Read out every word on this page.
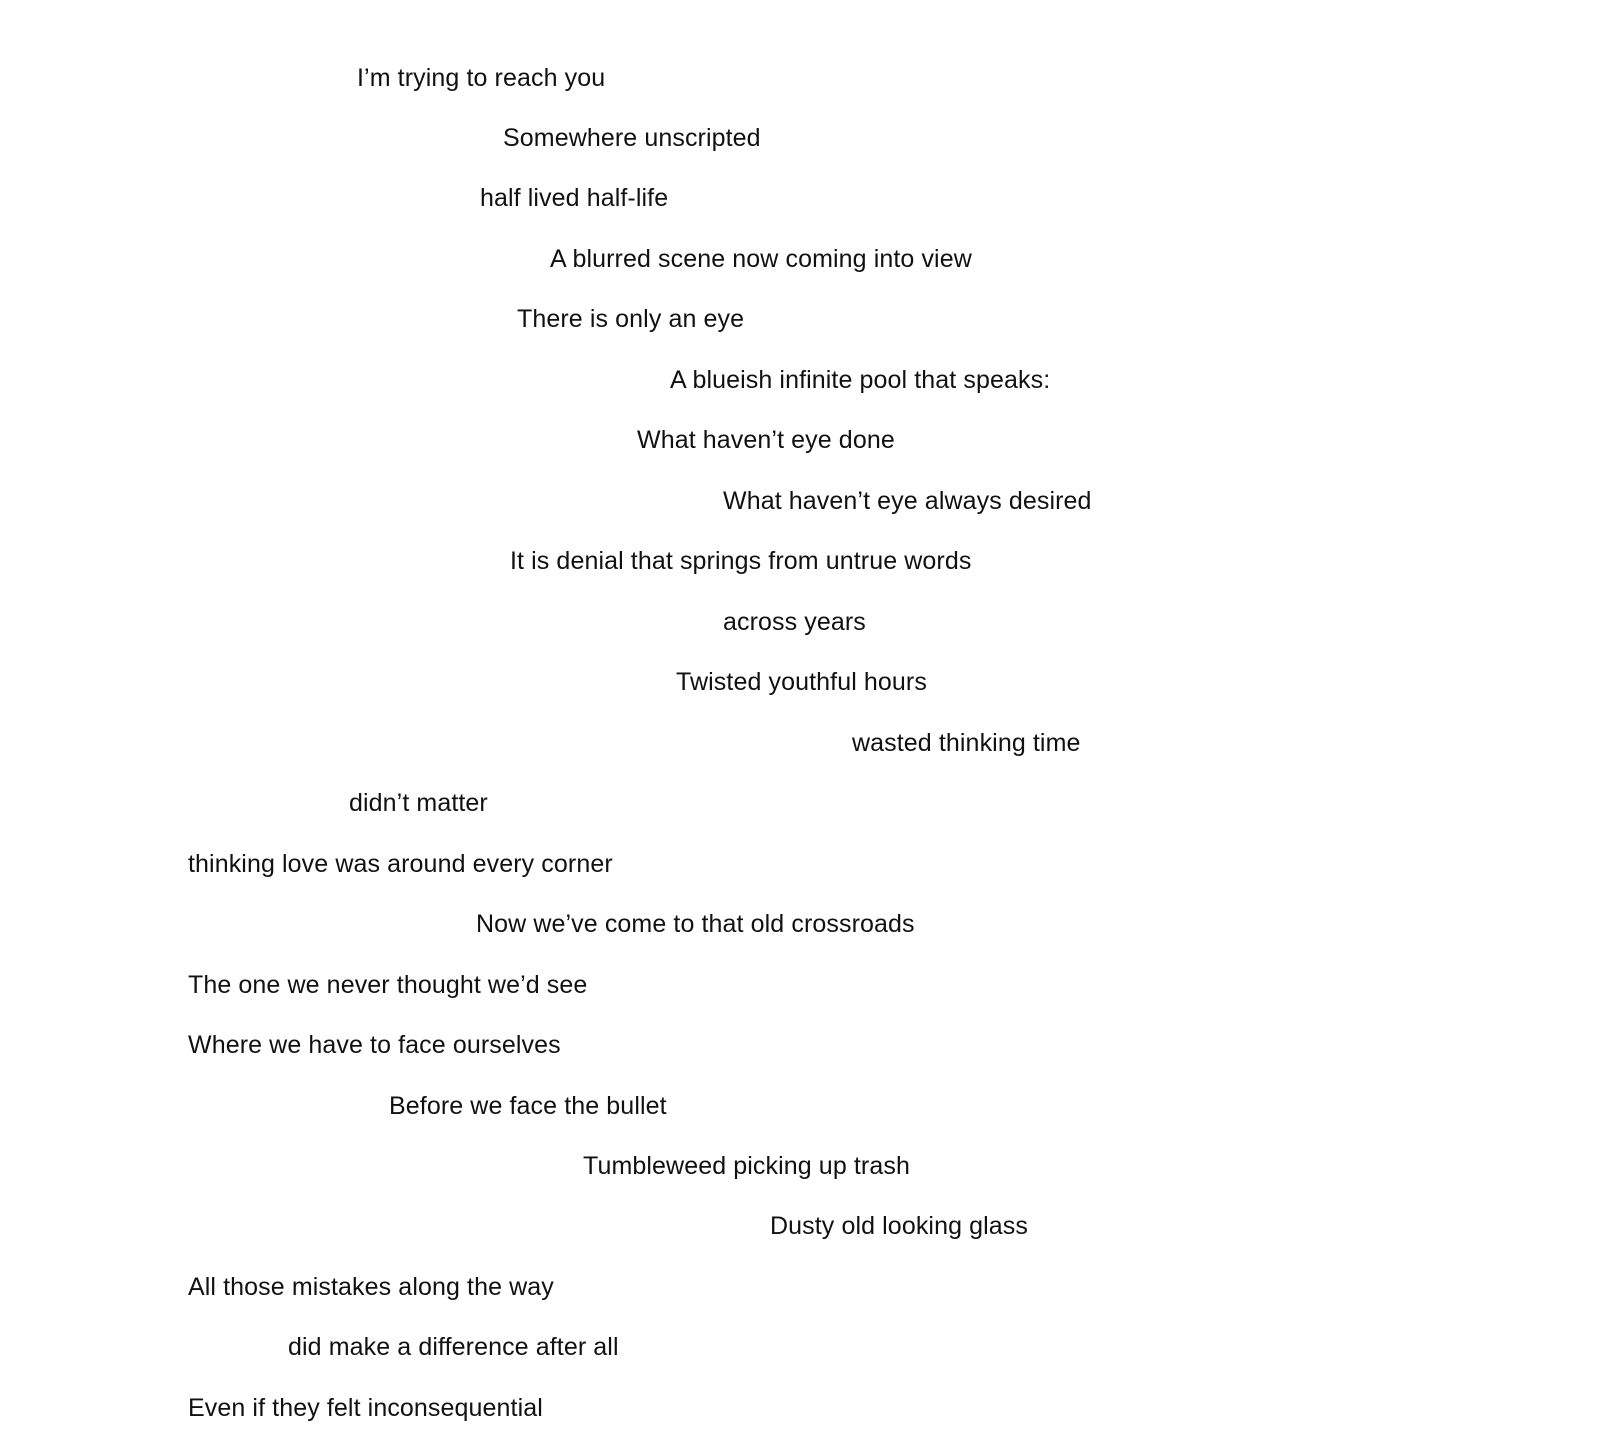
I’m trying to reach you
Somewhere unscripted
half lived half-life
A blurred scene now coming into view
There is only an eye
A blueish infinite pool that speaks:
What haven’t eye done
What haven’t eye always desired
It is denial that springs from untrue words
across years
Twisted youthful hours
wasted thinking time
didn’t matter
thinking love was around every corner
Now we’ve come to that old crossroads
The one we never thought we’d see
Where we have to face ourselves
Before we face the bullet
Tumbleweed picking up trash
Dusty old looking glass
All those mistakes along the way
did make a difference after all
Even if they felt inconsequential
